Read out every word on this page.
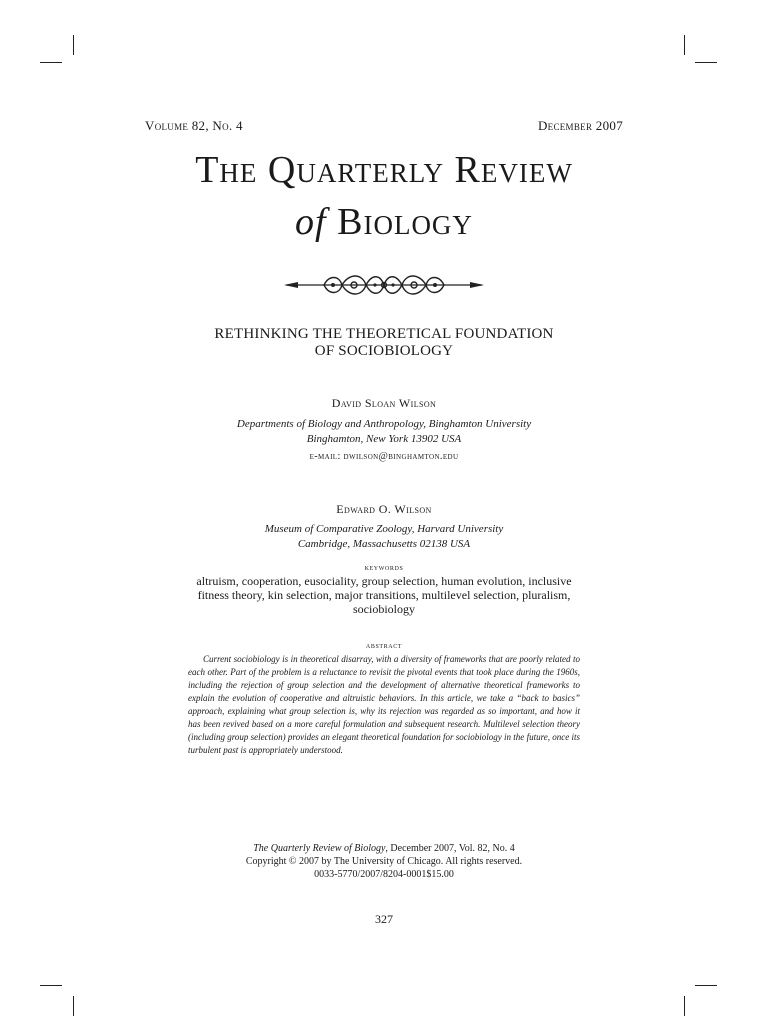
Volume 82, No. 4	December 2007
The Quarterly Review
of Biology
RETHINKING THE THEORETICAL FOUNDATION
OF SOCIOBIOLOGY
David Sloan Wilson
Departments of Biology and Anthropology, Binghamton University
Binghamton, New York 13902 USA
e-mail: dwilson@binghamton.edu
Edward O. Wilson
Museum of Comparative Zoology, Harvard University
Cambridge, Massachusetts 02138 USA
keywords
altruism, cooperation, eusociality, group selection, human evolution, inclusive fitness theory, kin selection, major transitions, multilevel selection, pluralism, sociobiology
abstract
Current sociobiology is in theoretical disarray, with a diversity of frameworks that are poorly related to each other. Part of the problem is a reluctance to revisit the pivotal events that took place during the 1960s, including the rejection of group selection and the development of alternative theoretical frameworks to explain the evolution of cooperative and altruistic behaviors. In this article, we take a “back to basics” approach, explaining what group selection is, why its rejection was regarded as so important, and how it has been revived based on a more careful formulation and subsequent research. Multilevel selection theory (including group selection) provides an elegant theoretical foundation for sociobiology in the future, once its turbulent past is appropriately understood.
The Quarterly Review of Biology, December 2007, Vol. 82, No. 4
Copyright © 2007 by The University of Chicago. All rights reserved.
0033-5770/2007/8204-0001$15.00
327
